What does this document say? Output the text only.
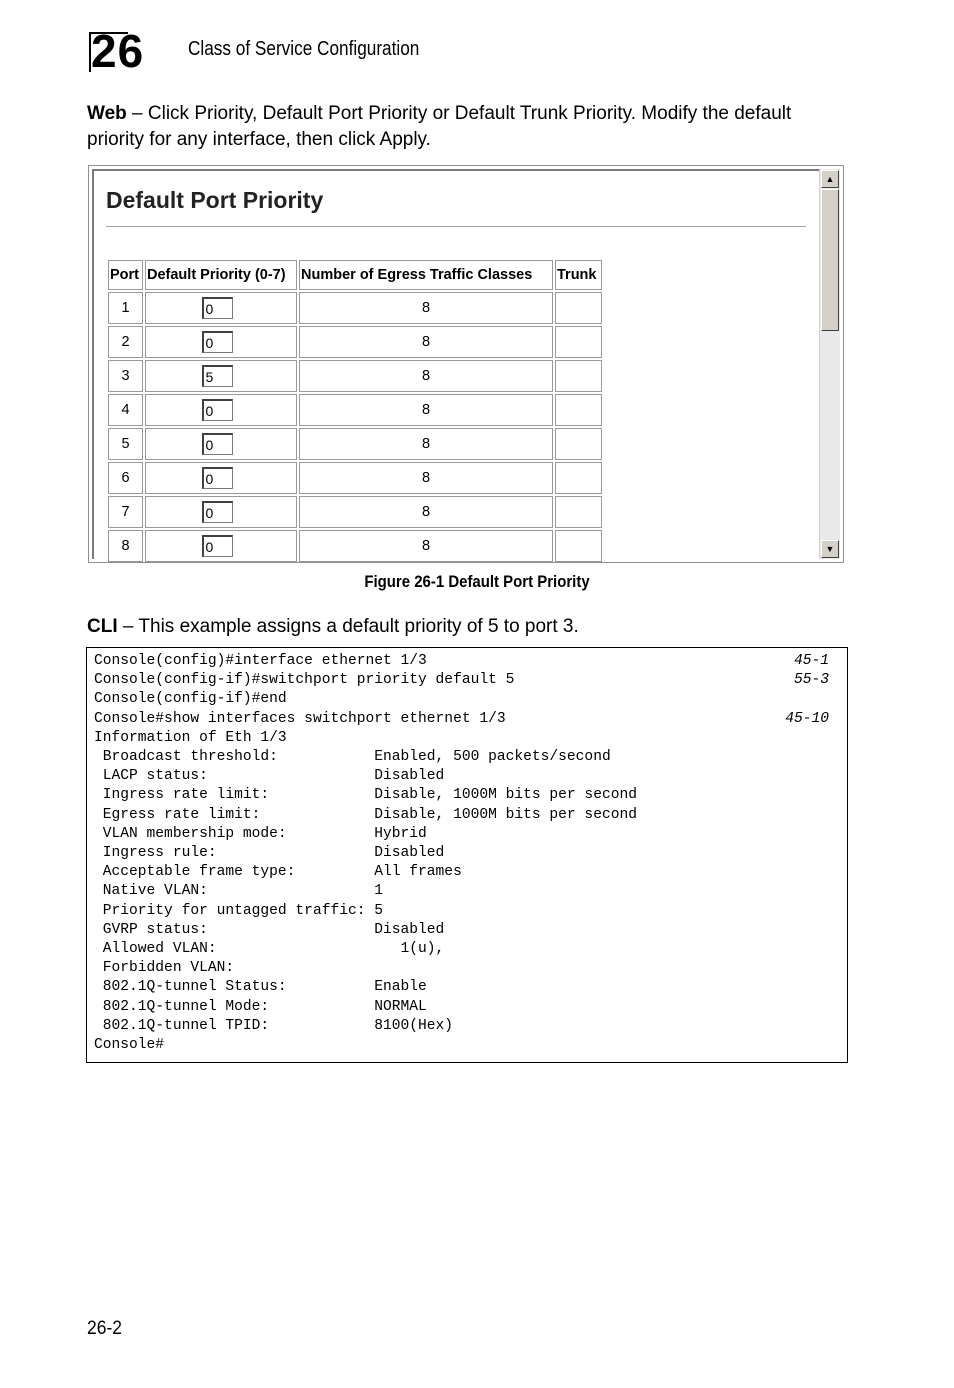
26 Class of Service Configuration
Web – Click Priority, Default Port Priority or Default Trunk Priority. Modify the default
priority for any interface, then click Apply.
Default Port Priority
Port	Default Priority (0-7)	Number of Egress Traffic Classes	Trunk
1	0	8	
2	0	8	
3	5	8	
4	0	8	
5	0	8	
6	0	8	
7	0	8	
8	0	8	
▲
▼
Figure 26-1 Default Port Priority
CLI – This example assigns a default priority of 5 to port 3.
Console(config)#interface ethernet 1/3	45-1
Console(config-if)#switchport priority default 5	55-3
Console(config-if)#end
Console#show interfaces switchport ethernet 1/3	45-10
Information of Eth 1/3
Broadcast threshold:           Enabled, 500 packets/second
LACP status:                   Disabled
Ingress rate limit:            Disable, 1000M bits per second
Egress rate limit:             Disable, 1000M bits per second
VLAN membership mode:          Hybrid
Ingress rule:                  Disabled
Acceptable frame type:         All frames
Native VLAN:                   1
Priority for untagged traffic: 5
GVRP status:                   Disabled
Allowed VLAN:                     1(u),
Forbidden VLAN:
802.1Q-tunnel Status:          Enable
802.1Q-tunnel Mode:            NORMAL
802.1Q-tunnel TPID:            8100(Hex)
Console#
26-2
